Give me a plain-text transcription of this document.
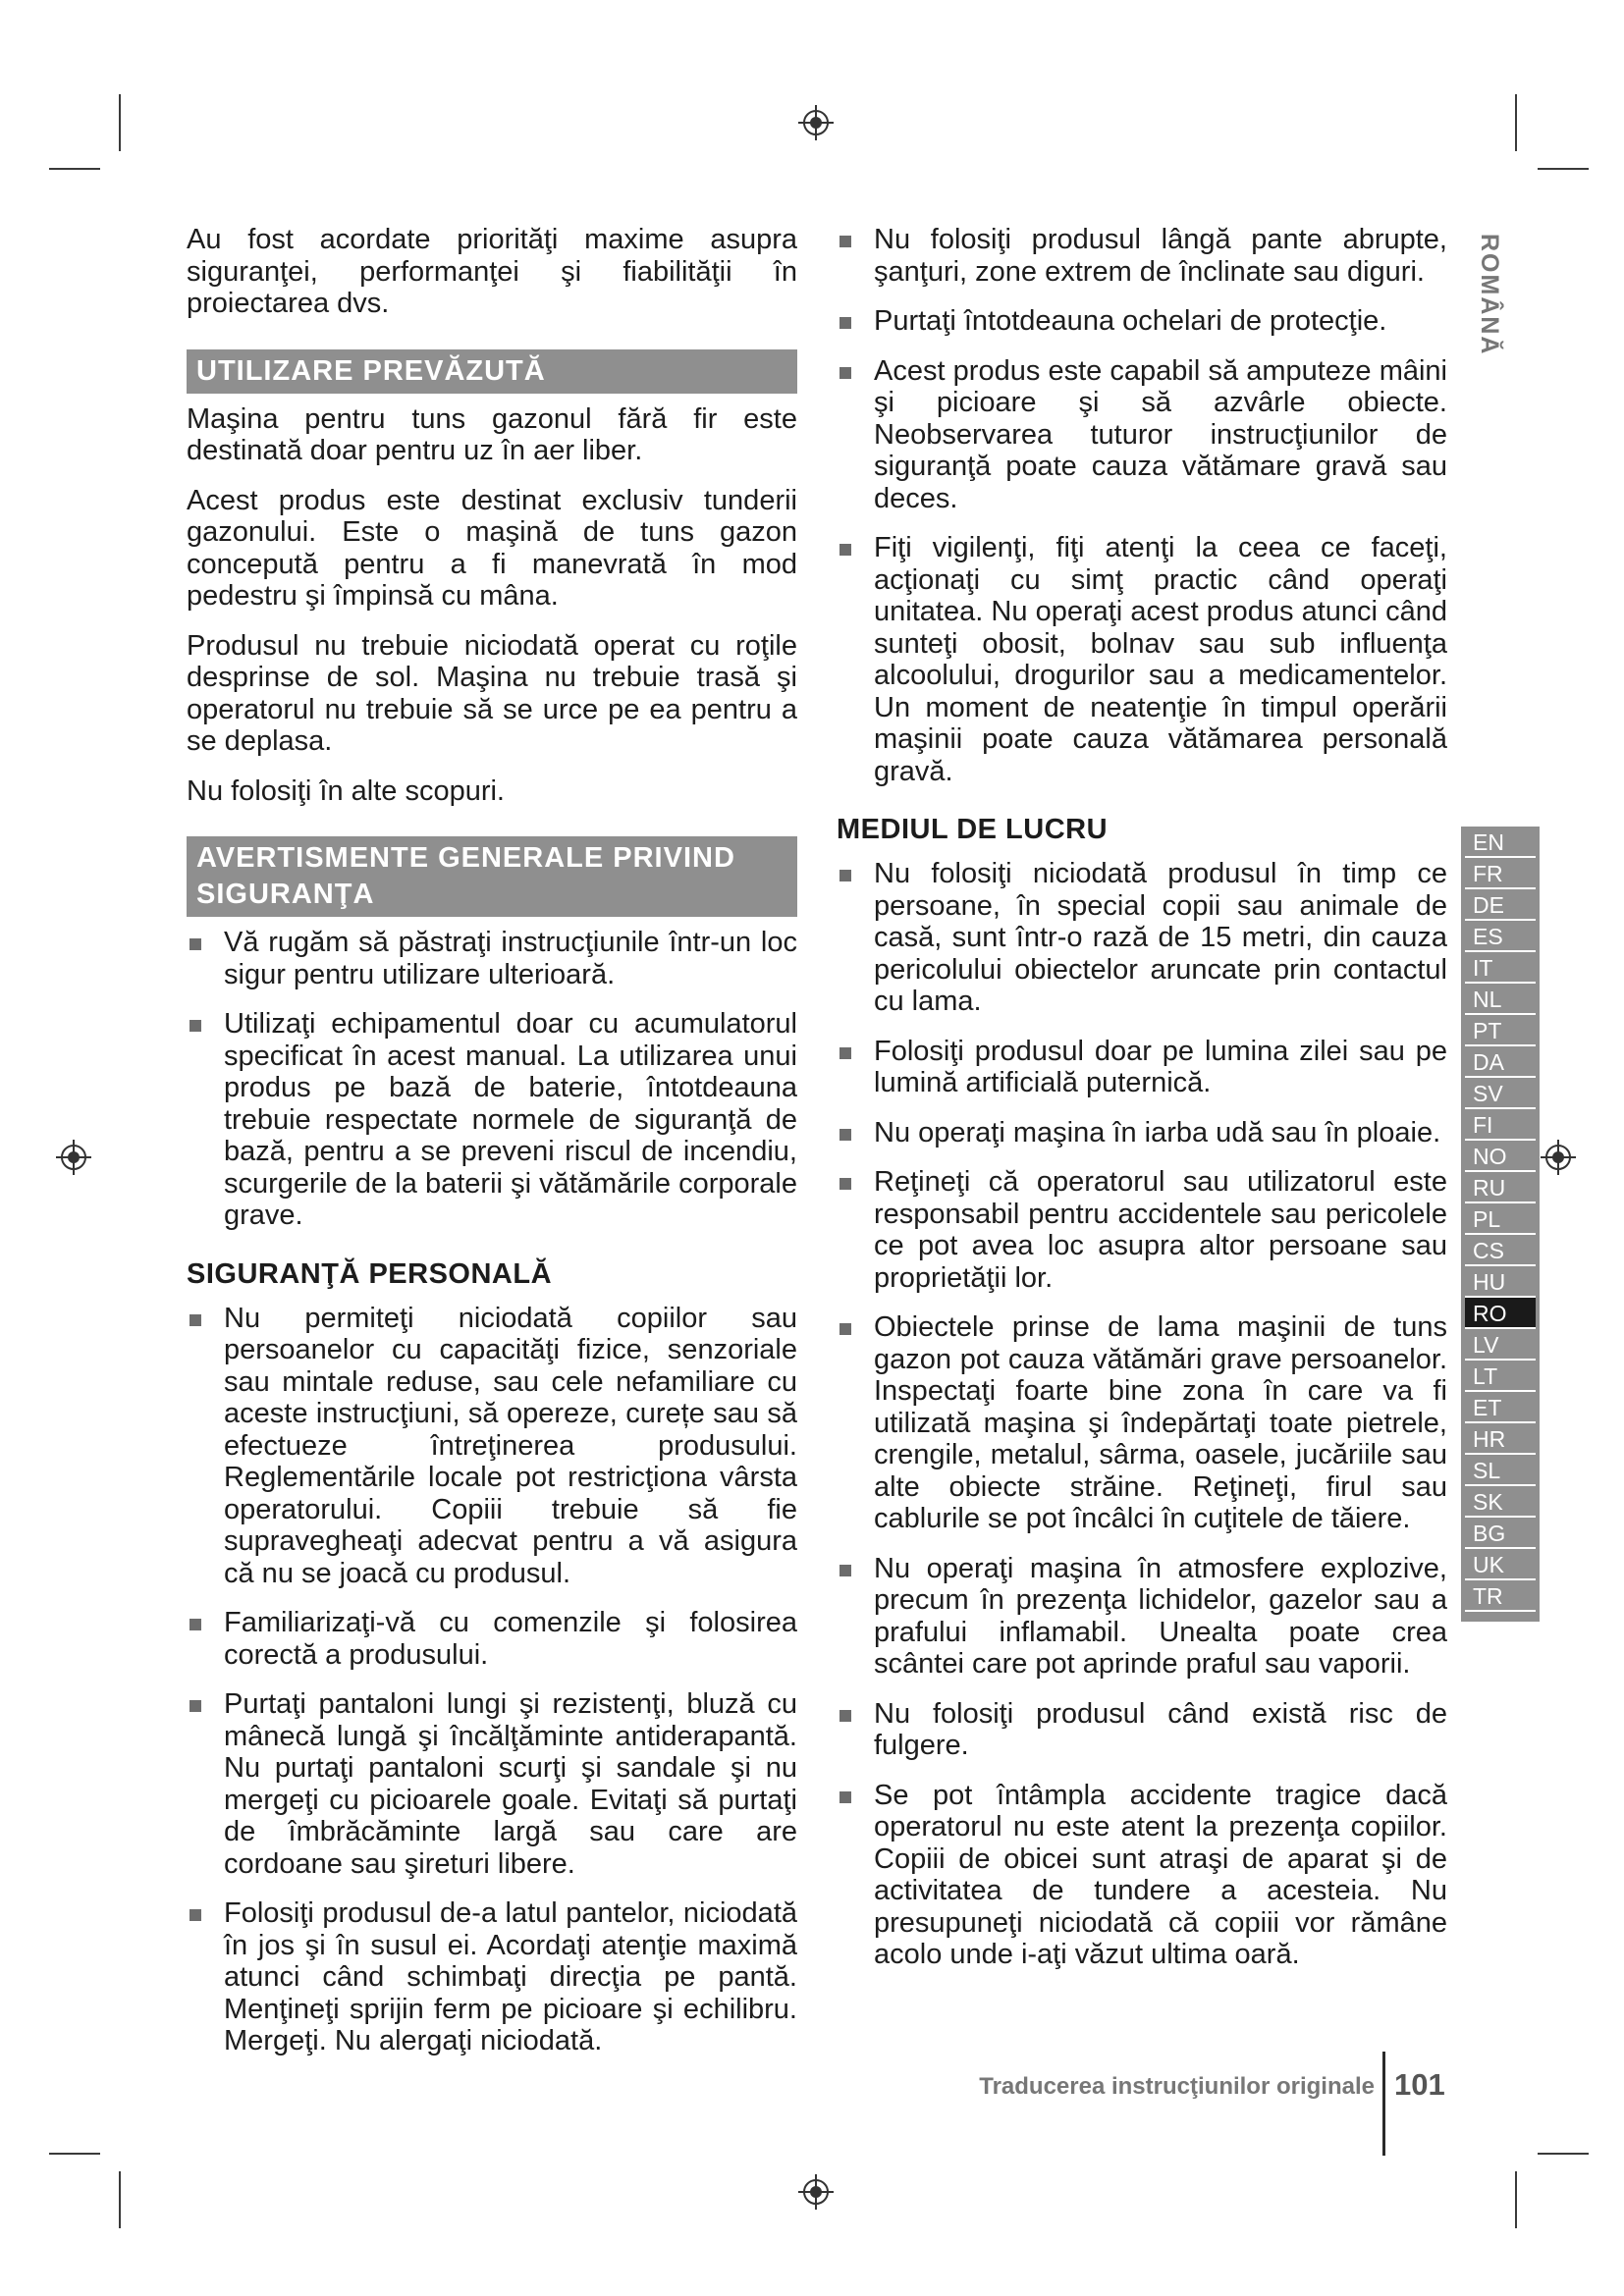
Au fost acordate priorităţi maxime asupra siguranţei, performanţei şi fiabilităţii în proiectarea dvs.

UTILIZARE PREVĂZUTĂ

Maşina pentru tuns gazonul fără fir este destinată doar pentru uz în aer liber.

Acest produs este destinat exclusiv tunderii gazonului. Este o maşină de tuns gazon concepută pentru a fi manevrată în mod pedestru şi împinsă cu mâna.

Produsul nu trebuie niciodată operat cu roţile desprinse de sol. Maşina nu trebuie trasă şi operatorul nu trebuie să se urce pe ea pentru a se deplasa.

Nu folosiţi în alte scopuri.

AVERTISMENTE GENERALE PRIVIND SIGURANŢA
Vă rugăm să păstraţi instrucţiunile într-un loc sigur pentru utilizare ulterioară.
Utilizaţi echipamentul doar cu acumulatorul specificat în acest manual. La utilizarea unui produs pe bază de baterie, întotdeauna trebuie respectate normele de siguranţă de bază, pentru a se preveni riscul de incendiu, scurgerile de la baterii şi vătămările corporale grave.
SIGURANŢĂ PERSONALĂ
Nu permiteţi niciodată copiilor sau persoanelor cu capacităţi fizice, senzoriale sau mintale reduse, sau cele nefamiliare cu aceste instrucţiuni, să opereze, curețe sau să efectueze întreţinerea produsului. Reglementările locale pot restricţiona vârsta operatorului. Copiii trebuie să fie supravegheaţi adecvat pentru a vă asigura că nu se joacă cu produsul.
Familiarizaţi-vă cu comenzile şi folosirea corectă a produsului.
Purtaţi pantaloni lungi şi rezistenţi, bluză cu mânecă lungă şi încălţăminte antiderapantă. Nu purtaţi pantaloni scurţi şi sandale şi nu mergeţi cu picioarele goale. Evitaţi să purtaţi de îmbrăcăminte largă sau care are cordoane sau şireturi libere.
Folosiţi produsul de-a latul pantelor, niciodată în jos şi în susul ei. Acordaţi atenţie maximă atunci când schimbaţi direcţia pe pantă. Menţineţi sprijin ferm pe picioare şi echilibru. Mergeţi. Nu alergaţi niciodată.
Nu folosiţi produsul lângă pante abrupte, şanţuri, zone extrem de înclinate sau diguri.
Purtaţi întotdeauna ochelari de protecţie.
Acest produs este capabil să amputeze mâini şi picioare şi să azvârle obiecte. Neobservarea tuturor instrucţiunilor de siguranţă poate cauza vătămare gravă sau deces.
Fiţi vigilenţi, fiţi atenţi la ceea ce faceţi, acţionaţi cu simţ practic când operaţi unitatea. Nu operaţi acest produs atunci când sunteţi obosit, bolnav sau sub influenţa alcoolului, drogurilor sau a medicamentelor. Un moment de neatenţie în timpul operării maşinii poate cauza vătămarea personală gravă.
MEDIUL DE LUCRU
Nu folosiţi niciodată produsul în timp ce persoane, în special copii sau animale de casă, sunt într-o rază de 15 metri, din cauza pericolului obiectelor aruncate prin contactul cu lama.
Folosiţi produsul doar pe lumina zilei sau pe lumină artificială puternică.
Nu operaţi maşina în iarba udă sau în ploaie.
Reţineţi că operatorul sau utilizatorul este responsabil pentru accidentele sau pericolele ce pot avea loc asupra altor persoane sau proprietăţii lor.
Obiectele prinse de lama maşinii de tuns gazon pot cauza vătămări grave persoanelor. Inspectaţi foarte bine zona în care va fi utilizată maşina şi îndepărtaţi toate pietrele, crengile, metalul, sârma, oasele, jucăriile sau alte obiecte străine. Reţineţi, firul sau cablurile se pot încâlci în cuţitele de tăiere.
Nu operaţi maşina în atmosfere explozive, precum în prezenţa lichidelor, gazelor sau a prafului inflamabil. Unealta poate crea scântei care pot aprinde praful sau vaporii.
Nu folosiţi produsul când există risc de fulgere.
Se pot întâmpla accidente tragice dacă operatorul nu este atent la prezenţa copiilor. Copiii de obicei sunt atraşi de aparat şi de activitatea de tundere a acesteia. Nu presupuneţi niciodată că copiii vor rămâne acolo unde i-aţi văzut ultima oară.
ROMÂNĂ
EN
FR
DE
ES
IT
NL
PT
DA
SV
FI
NO
RU
PL
CS
HU
RO
LV
LT
ET
HR
SL
SK
BG
UK
TR
Traducerea instrucţiunilor originale 101
